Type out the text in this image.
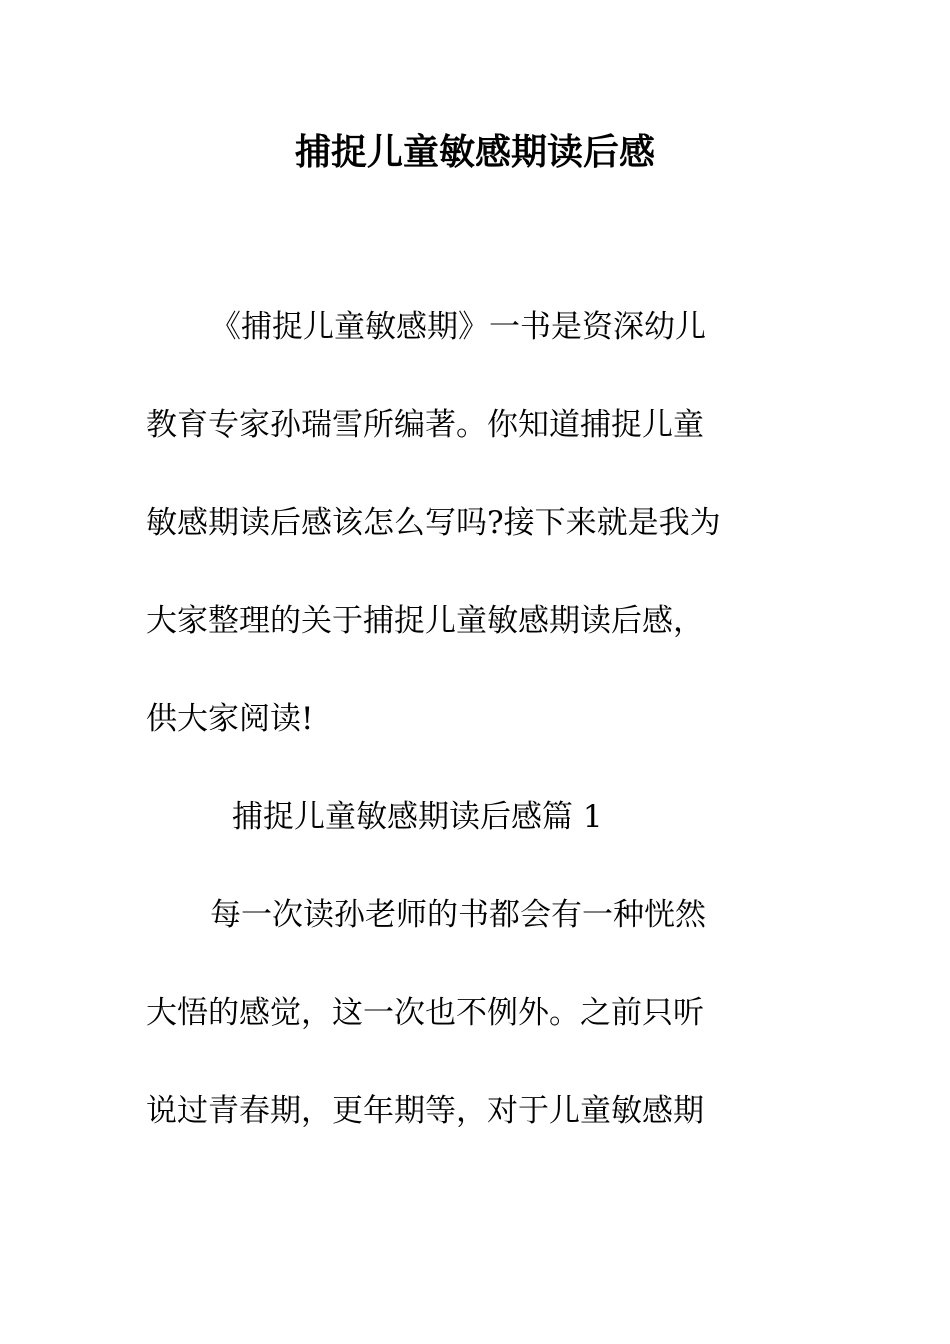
捕捉儿童敏感期读后感

《捕捉儿童敏感期》一书是资深幼儿

教育专家孙瑞雪所编著。你知道捕捉儿童

敏感期读后感该怎么写吗?接下来就是我为

大家整理的关于捕捉儿童敏感期读后感，

供大家阅读!

捕捉儿童敏感期读后感篇 1

每一次读孙老师的书都会有一种恍然

大悟的感觉，这一次也不例外。之前只听

说过青春期，更年期等，对于儿童敏感期
